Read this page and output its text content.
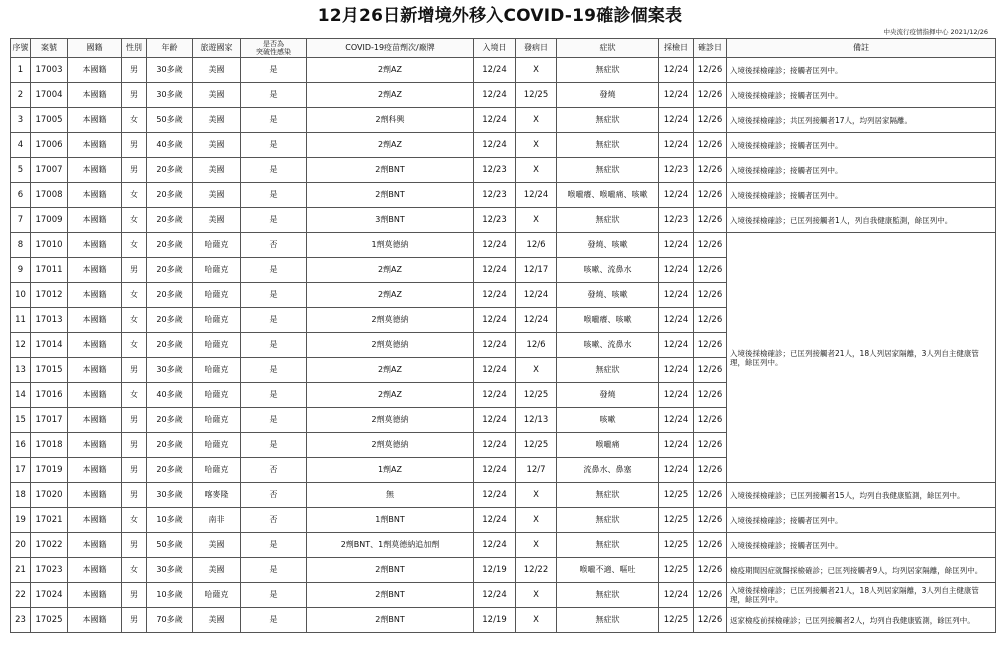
12月26日新增境外移入COVID-19確診個案表
中央流行疫情指揮中心 2021/12/26
序號	案號	國籍	性別	年齡	旅遊國家	是否為
突破性感染	COVID-19疫苗劑次/廠牌	入境日	發病日	症狀	採檢日	確診日	備註
1	17003	本國籍	男	30多歲	美國	是	2劑AZ	12/24	X	無症狀	12/24	12/26	入境後採檢確診；接觸者匡列中。
2	17004	本國籍	男	30多歲	美國	是	2劑AZ	12/24	12/25	發燒	12/24	12/26	入境後採檢確診；接觸者匡列中。
3	17005	本國籍	女	50多歲	美國	是	2劑科興	12/24	X	無症狀	12/24	12/26	入境後採檢確診；共匡列接觸者17人，均列居家隔離。
4	17006	本國籍	男	40多歲	美國	是	2劑AZ	12/24	X	無症狀	12/24	12/26	入境後採檢確診；接觸者匡列中。
5	17007	本國籍	男	20多歲	美國	是	2劑BNT	12/23	X	無症狀	12/23	12/26	入境後採檢確診；接觸者匡列中。
6	17008	本國籍	女	20多歲	美國	是	2劑BNT	12/23	12/24	喉嚨癢、喉嚨痛、咳嗽	12/24	12/26	入境後採檢確診；接觸者匡列中。
7	17009	本國籍	女	20多歲	美國	是	3劑BNT	12/23	X	無症狀	12/23	12/26	入境後採檢確診；已匡列接觸者1人，列自我健康監測，餘匡列中。
8	17010	本國籍	女	20多歲	哈薩克	否	1劑莫德納	12/24	12/6	發燒、咳嗽	12/24	12/26	入境後採檢確診；已匡列接觸者21人，18人列居家隔離，3人列自主健康管理，餘匡列中。
9	17011	本國籍	男	20多歲	哈薩克	是	2劑AZ	12/24	12/17	咳嗽、流鼻水	12/24	12/26	
10	17012	本國籍	女	20多歲	哈薩克	是	2劑AZ	12/24	12/24	發燒、咳嗽	12/24	12/26	
11	17013	本國籍	女	20多歲	哈薩克	是	2劑莫德納	12/24	12/24	喉嚨癢、咳嗽	12/24	12/26	
12	17014	本國籍	女	20多歲	哈薩克	是	2劑莫德納	12/24	12/6	咳嗽、流鼻水	12/24	12/26	
13	17015	本國籍	男	30多歲	哈薩克	是	2劑AZ	12/24	X	無症狀	12/24	12/26	
14	17016	本國籍	女	40多歲	哈薩克	是	2劑AZ	12/24	12/25	發燒	12/24	12/26	
15	17017	本國籍	男	20多歲	哈薩克	是	2劑莫德納	12/24	12/13	咳嗽	12/24	12/26	
16	17018	本國籍	男	20多歲	哈薩克	是	2劑莫德納	12/24	12/25	喉嚨痛	12/24	12/26	
17	17019	本國籍	男	20多歲	哈薩克	否	1劑AZ	12/24	12/7	流鼻水、鼻塞	12/24	12/26	
18	17020	本國籍	男	30多歲	喀麥隆	否	無	12/24	X	無症狀	12/25	12/26	入境後採檢確診；已匡列接觸者15人，均列自我健康監測，餘匡列中。
19	17021	本國籍	女	10多歲	南非	否	1劑BNT	12/24	X	無症狀	12/25	12/26	入境後採檢確診；接觸者匡列中。
20	17022	本國籍	男	50多歲	美國	是	2劑BNT、1劑莫德納追加劑	12/24	X	無症狀	12/25	12/26	入境後採檢確診；接觸者匡列中。
21	17023	本國籍	女	30多歲	美國	是	2劑BNT	12/19	12/22	喉嚨不適、嘔吐	12/25	12/26	檢疫期間因症就醫採檢確診；已匡列接觸者9人，均列居家隔離，餘匡列中。
22	17024	本國籍	男	10多歲	哈薩克	是	2劑BNT	12/24	X	無症狀	12/24	12/26	入境後採檢確診；已匡列接觸者21人，18人列居家隔離，3人列自主健康管理，餘匡列中。
23	17025	本國籍	男	70多歲	美國	是	2劑BNT	12/19	X	無症狀	12/25	12/26	返家檢疫前採檢確診；已匡列接觸者2人，均列自我健康監測，餘匡列中。
